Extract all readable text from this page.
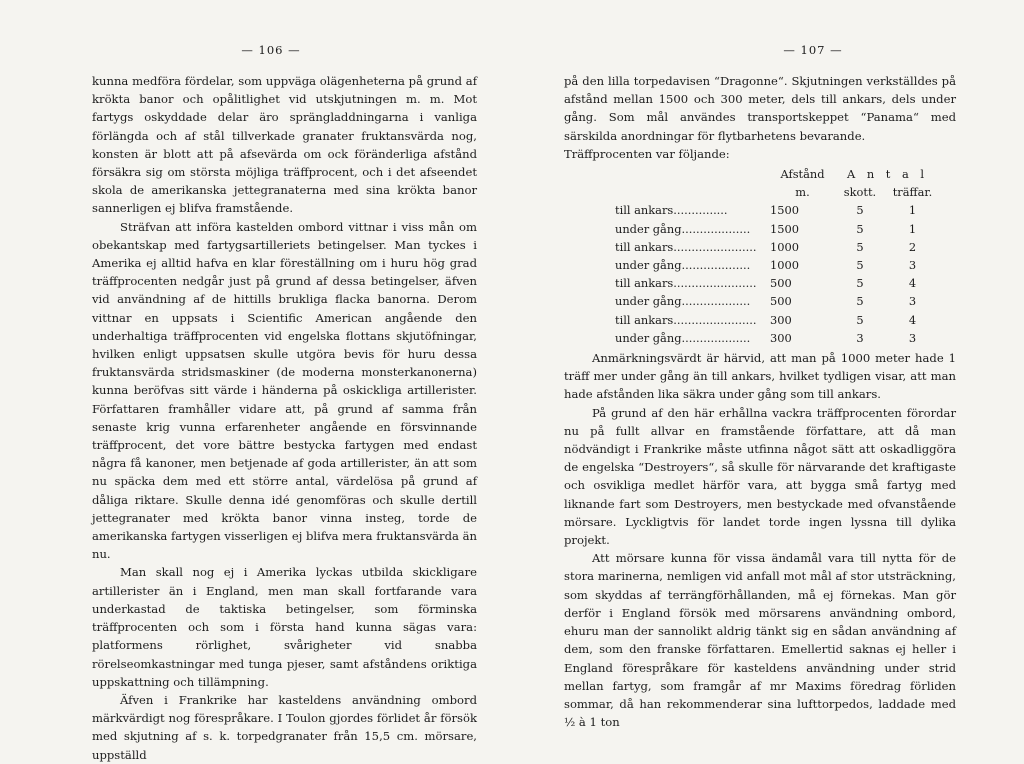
— 106 —

kunna medföra fördelar, som uppväga olägenheterna på grund af krökta banor och opålitlighet vid utskjutningen m. m. Mot fartygs oskyddade delar äro sprängladdningarna i vanliga förlängda och af stål tillverkade granater fruktansvärda nog, konsten är blott att på afsevärda om ock föränderliga afstånd försäkra sig om största möjliga träffprocent, och i det afseendet skola de amerikanska jettegranaterna med sina krökta banor sannerligen ej blifva framstående.

Sträfvan att införa kastelden ombord vittnar i viss mån om obekantskap med fartygsartilleriets betingelser. Man tyckes i Amerika ej alltid hafva en klar föreställning om i huru hög grad träffprocenten nedgår just på grund af dessa betingelser, äfven vid användning af de hittills brukliga flacka banorna. Derom vittnar en uppsats i Scientific American angående den underhaltiga träffprocenten vid engelska flottans skjutöfningar, hvilken enligt uppsatsen skulle utgöra bevis för huru dessa fruktansvärda stridsmaskiner (de moderna monsterkanonerna) kunna beröfvas sitt värde i händerna på oskickliga artillerister. Författaren framhåller vidare att, på grund af samma från senaste krig vunna erfarenheter angående en försvinnande träffprocent, det vore bättre bestycka fartygen med endast några få kanoner, men betjenade af goda artillerister, än att som nu späcka dem med ett större antal, värdelösa på grund af dåliga riktare. Skulle denna idé genomföras och skulle dertill jettegranater med krökta banor vinna insteg, torde de amerikanska fartygen visserligen ej blifva mera fruktansvärda än nu.

Man skall nog ej i Amerika lyckas utbilda skickligare artillerister än i England, men man skall fortfarande vara underkastad de taktiska betingelser, som förminska träffprocenten och som i första hand kunna sägas vara: platformens rörlighet, svårigheter vid snabba rörelseomkastningar med tunga pjeser, samt afståndens oriktiga uppskattning och tillämpning.

Äfven i Frankrike har kasteldens användning ombord märkvärdigt nog förespråkare. I Toulon gjordes förlidet år försök med skjutning af s. k. torpedgranater från 15,5 cm. mörsare, uppställd

— 107 —

på den lilla torpedavisen “Dragonne“. Skjutningen verkställdes på afstånd mellan 1500 och 300 meter, dels till ankars, dels under gång. Som mål användes transportskeppet “Panama“ med särskilda anordningar för flytbarhetens bevarande.

Träffprocenten var följande:

	Afstånd	A n t a l	
	m.	skott.	träffar.
till ankars...............	1500	5	1
under gång...................	1500	5	1
till ankars.......................	1000	5	2
under gång...................	1000	5	3
till ankars.......................	500	5	4
under gång...................	500	5	3
till ankars.......................	300	5	4
under gång...................	300	3	3

Anmärkningsvärdt är härvid, att man på 1000 meter hade 1 träff mer under gång än till ankars, hvilket tydligen visar, att man hade afstånden lika säkra under gång som till ankars.

På grund af den här erhållna vackra träffprocenten förordar nu på fullt allvar en framstående författare, att då man nödvändigt i Frankrike måste utfinna något sätt att oskadliggöra de engelska “Destroyers“, så skulle för närvarande det kraftigaste och osvikliga medlet härför vara, att bygga små fartyg med liknande fart som Destroyers, men bestyckade med ofvanstående mörsare. Lyckligtvis för landet torde ingen lyssna till dylika projekt.

Att mörsare kunna för vissa ändamål vara till nytta för de stora marinerna, nemligen vid anfall mot mål af stor utsträckning, som skyddas af terrängförhållanden, må ej förnekas. Man gör derför i England försök med mörsarens användning ombord, ehuru man der sannolikt aldrig tänkt sig en sådan användning af dem, som den franske författaren. Emellertid saknas ej heller i England förespråkare för kasteldens användning under strid mellan fartyg, som framgår af mr Maxims föredrag förliden sommar, då han rekommenderar sina lufttorpedos, laddade med ½ à 1 ton
